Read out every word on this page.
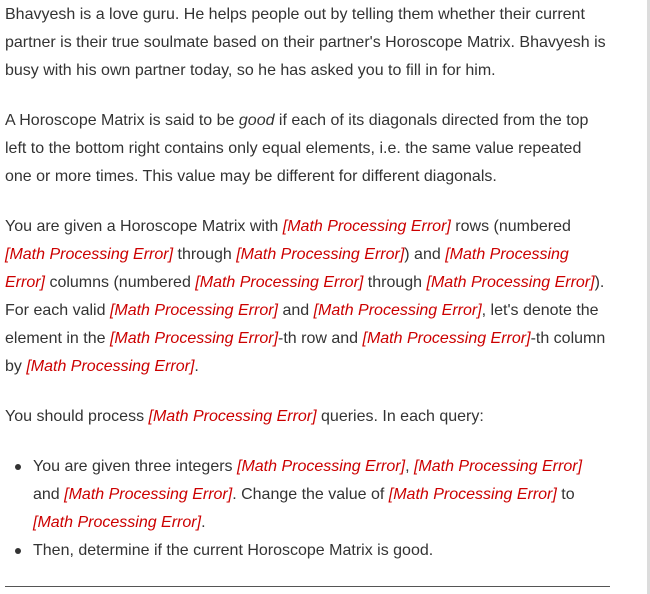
Bhavyesh is a love guru. He helps people out by telling them whether their current partner is their true soulmate based on their partner's Horoscope Matrix. Bhavyesh is busy with his own partner today, so he has asked you to fill in for him.

A Horoscope Matrix is said to be good if each of its diagonals directed from the top left to the bottom right contains only equal elements, i.e. the same value repeated one or more times. This value may be different for different diagonals.

You are given a Horoscope Matrix with [Math Processing Error] rows (numbered [Math Processing Error] through [Math Processing Error]) and [Math Processing Error] columns (numbered [Math Processing Error] through [Math Processing Error]). For each valid [Math Processing Error] and [Math Processing Error], let's denote the element in the [Math Processing Error]-th row and [Math Processing Error]-th column by [Math Processing Error].

You should process [Math Processing Error] queries. In each query:

You are given three integers [Math Processing Error], [Math Processing Error] and [Math Processing Error]. Change the value of [Math Processing Error] to [Math Processing Error].
Then, determine if the current Horoscope Matrix is good.
